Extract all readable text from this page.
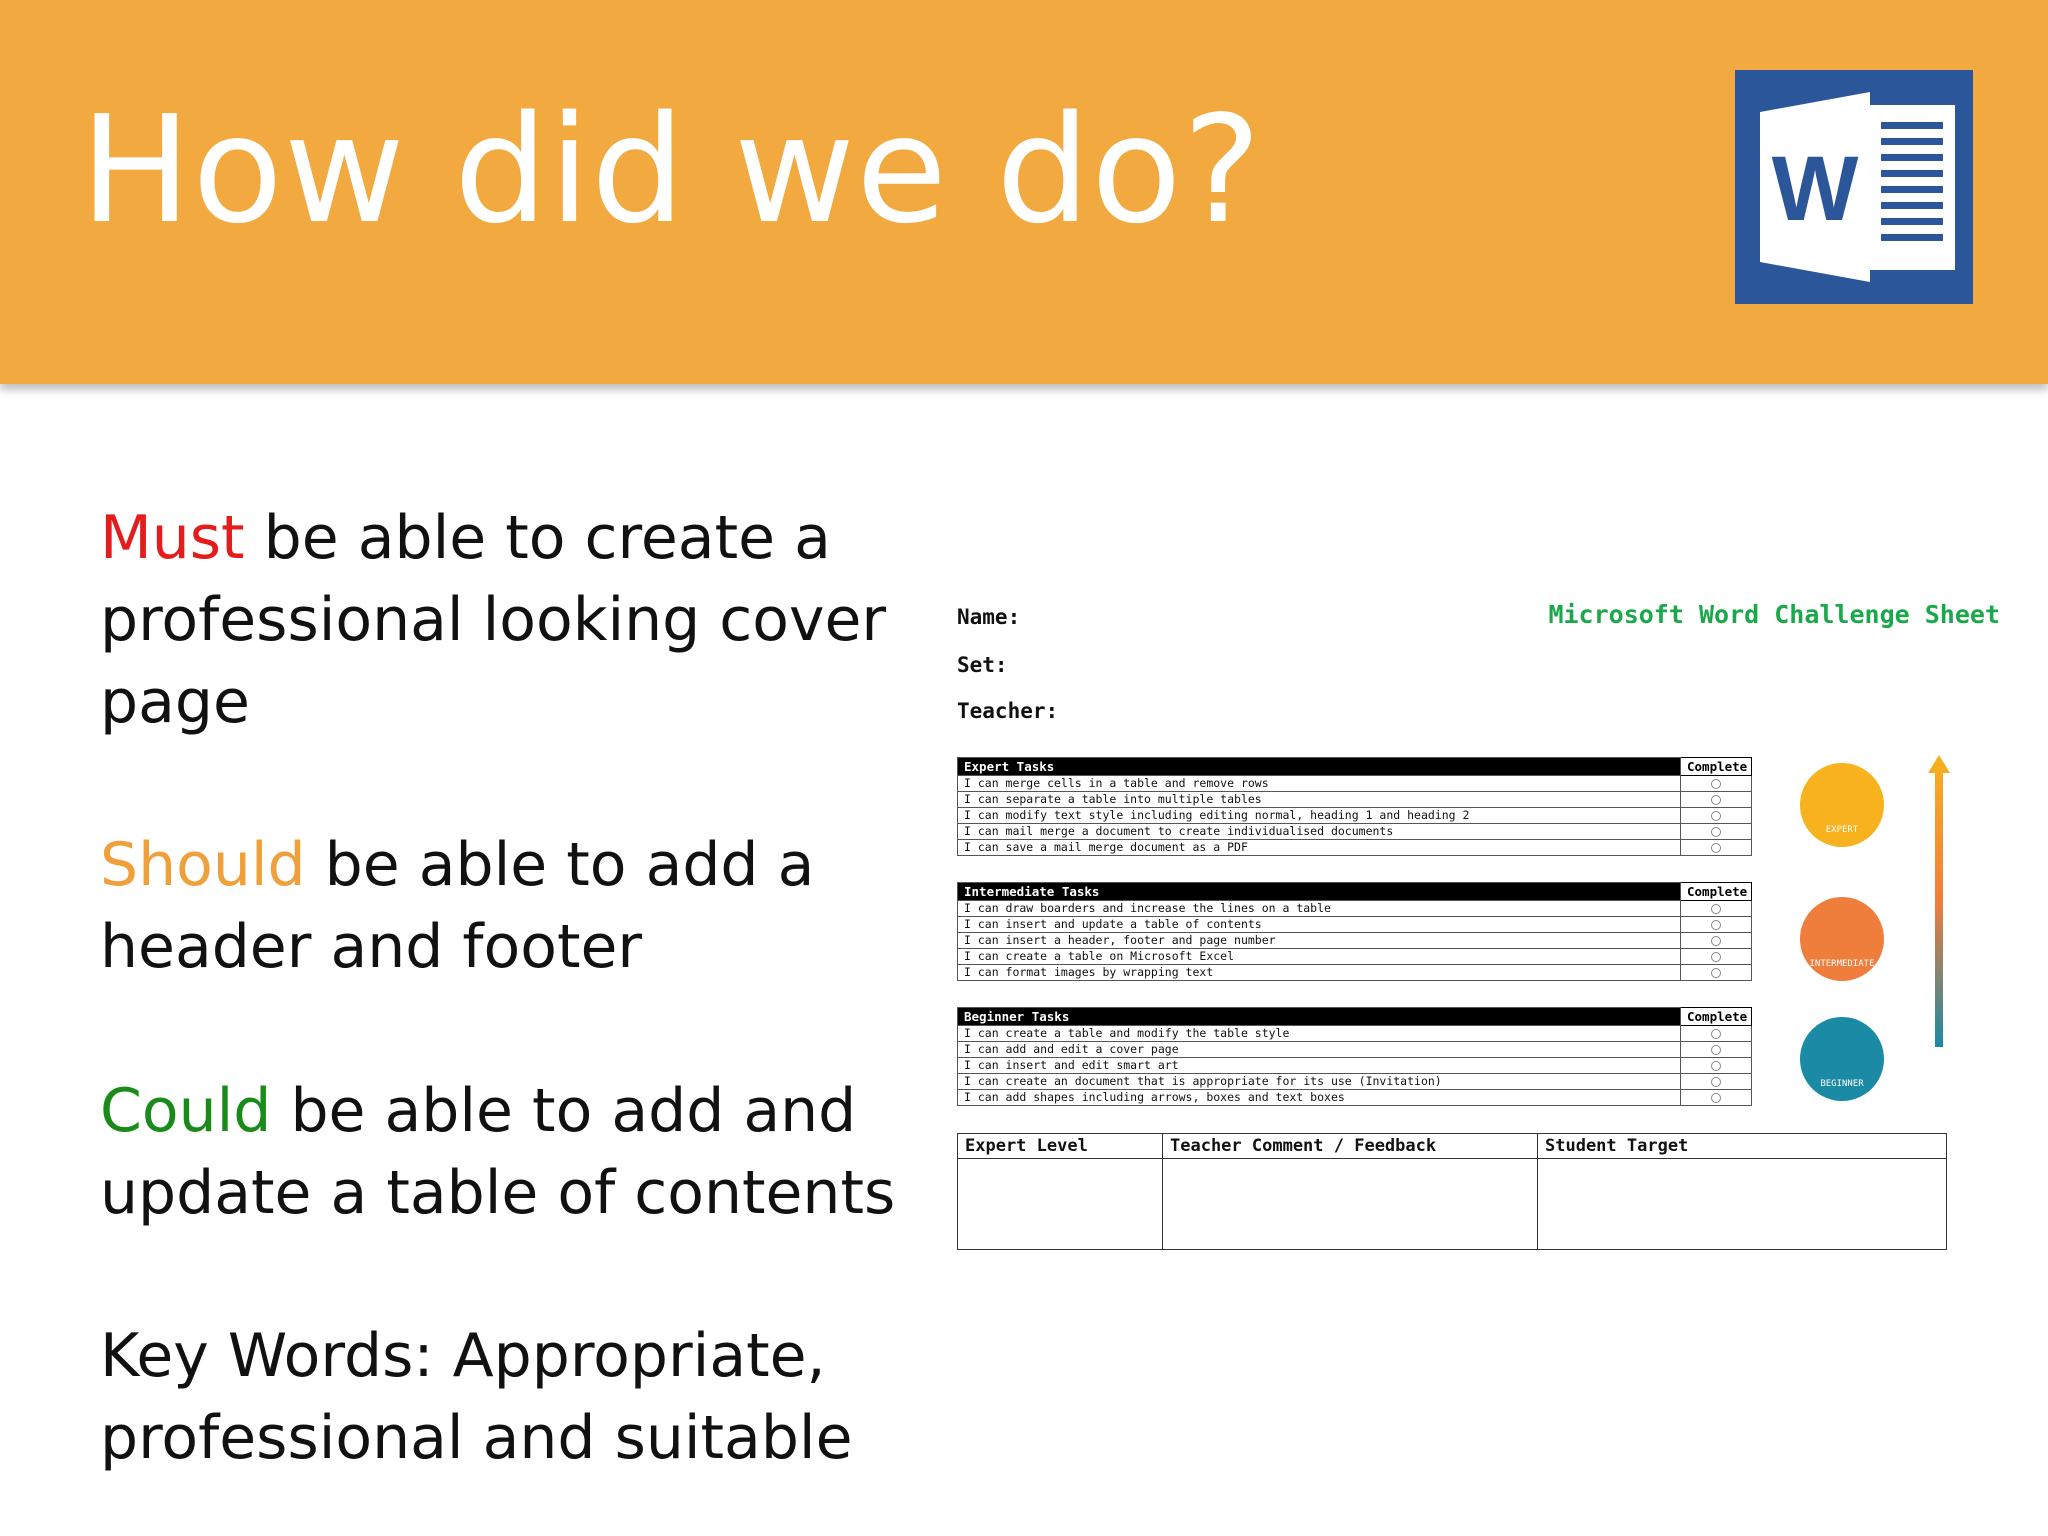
How did we do?	W
Must be able to create a
professional looking cover
page
Should be able to add a
header and footer
Could be able to add and
update a table of contents
Key Words: Appropriate,
professional and suitable
Name:
Set:
Teacher:
Microsoft Word Challenge Sheet
Expert Tasks	Complete
I can merge cells in a table and remove rows	
I can separate a table into multiple tables	
I can modify text style including editing normal, heading 1 and heading 2	
I can mail merge a document to create individualised documents	
I can save a mail merge document as a PDF	
Intermediate Tasks	Complete
I can draw boarders and increase the lines on a table	
I can insert and update a table of contents	
I can insert a header, footer and page number	
I can create a table on Microsoft Excel	
I can format images by wrapping text	
Beginner Tasks	Complete
I can create a table and modify the table style	
I can add and edit a cover page	
I can insert and edit smart art	
I can create an document that is appropriate for its use (Invitation)	
I can add shapes including arrows, boxes and text boxes	
EXPERT
INTERMEDIATE
BEGINNER
Expert Level	Teacher Comment / Feedback	Student Target
